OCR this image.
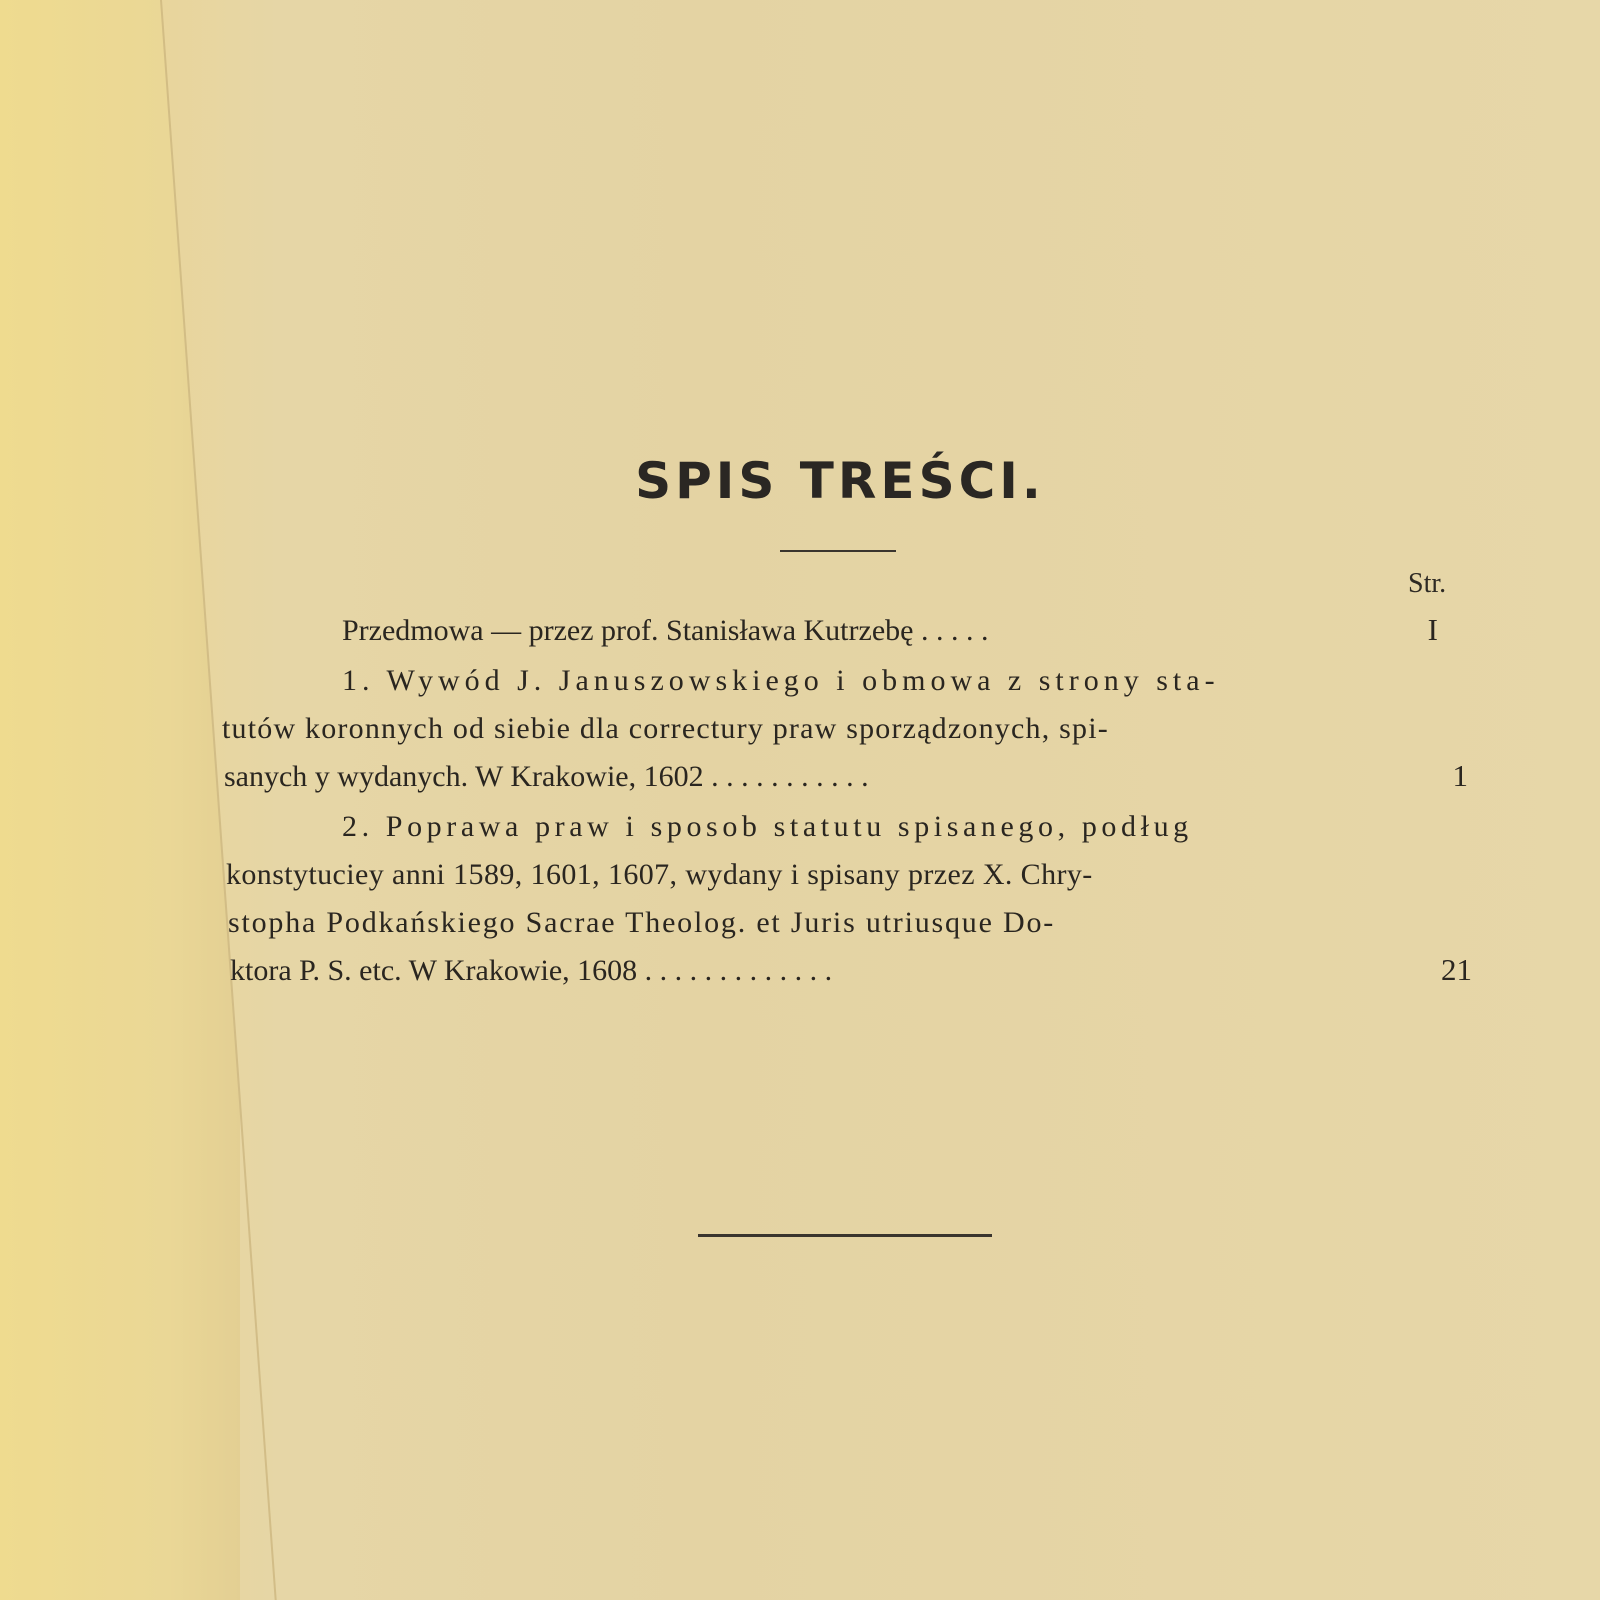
SPIS TREŚCI.
Str.
Przedmowa — przez prof. Stanisława Kutrzebę . . . . .	I
1. Wywód J. Januszowskiego i obmowa z strony sta-
tutów koronnych od siebie dla correctury praw sporządzonych, spi-
sanych y wydanych. W Krakowie, 1602 . . . . . . . . . . .	1
2. Poprawa praw i sposob statutu spisanego, podług
konstytuciey anni 1589, 1601, 1607, wydany i spisany przez X. Chry-
stopha Podkańskiego Sacrae Theolog. et Juris utriusque Do-
ktora P. S. etc. W Krakowie, 1608 . . . . . . . . . . . . .	21
